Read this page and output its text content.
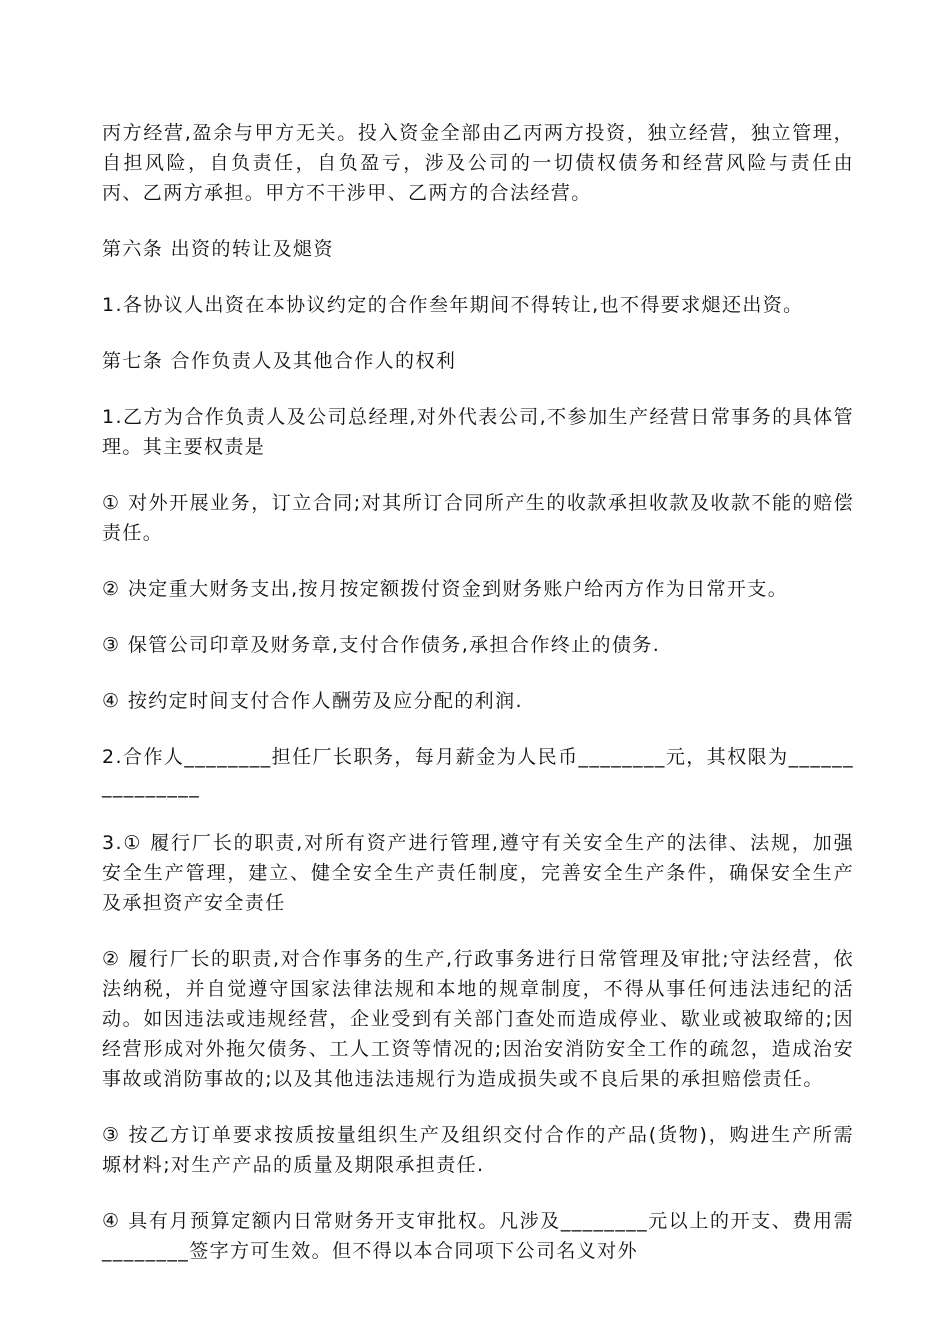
丙方经营,盈余与甲方无关。投入资金全部由乙丙两方投资，独立经营，独立管理，自担风险，自负责任，自负盈亏，涉及公司的一切债权债务和经营风险与责任由丙、乙两方承担。甲方不干涉甲、乙两方的合法经营。

第六条 出资的转让及煺资

1.各协议人出资在本协议约定的合作叁年期间不得转让,也不得要求煺还出资。

第七条 合作负责人及其他合作人的权利

1.乙方为合作负责人及公司总经理,对外代表公司,不参加生产经营日常事务的具体管理。其主要权责是

① 对外开展业务，订立合同;对其所订合同所产生的收款承担收款及收款不能的赔偿责任。

② 决定重大财务支出,按月按定额拨付资金到财务账户给丙方作为日常开支。

③ 保管公司印章及财务章,支付合作债务,承担合作终止的债务.

④ 按约定时间支付合作人酬劳及应分配的利润.

2.合作人________担任厂长职务，每月薪金为人民币________元，其权限为_______________

3.① 履行厂长的职责,对所有资产进行管理,遵守有关安全生产的法律、法规，加强安全生产管理，建立、健全安全生产责任制度，完善安全生产条件，确保安全生产及承担资产安全责任

② 履行厂长的职责,对合作事务的生产,行政事务进行日常管理及审批;守法经营，依法纳税，并自觉遵守国家法律法规和本地的规章制度，不得从事任何违法违纪的活动。如因违法或违规经营，企业受到有关部门查处而造成停业、歇业或被取缔的;因经营形成对外拖欠债务、工人工资等情况的;因治安消防安全工作的疏忽，造成治安事故或消防事故的;以及其他违法违规行为造成损失或不良后果的承担赔偿责任。

③ 按乙方订单要求按质按量组织生产及组织交付合作的产品(货物)，购进生产所需塬材料;对生产产品的质量及期限承担责任.

④ 具有月预算定额内日常财务开支审批权。凡涉及________元以上的开支、费用需________签字方可生效。但不得以本合同项下公司名义对外
